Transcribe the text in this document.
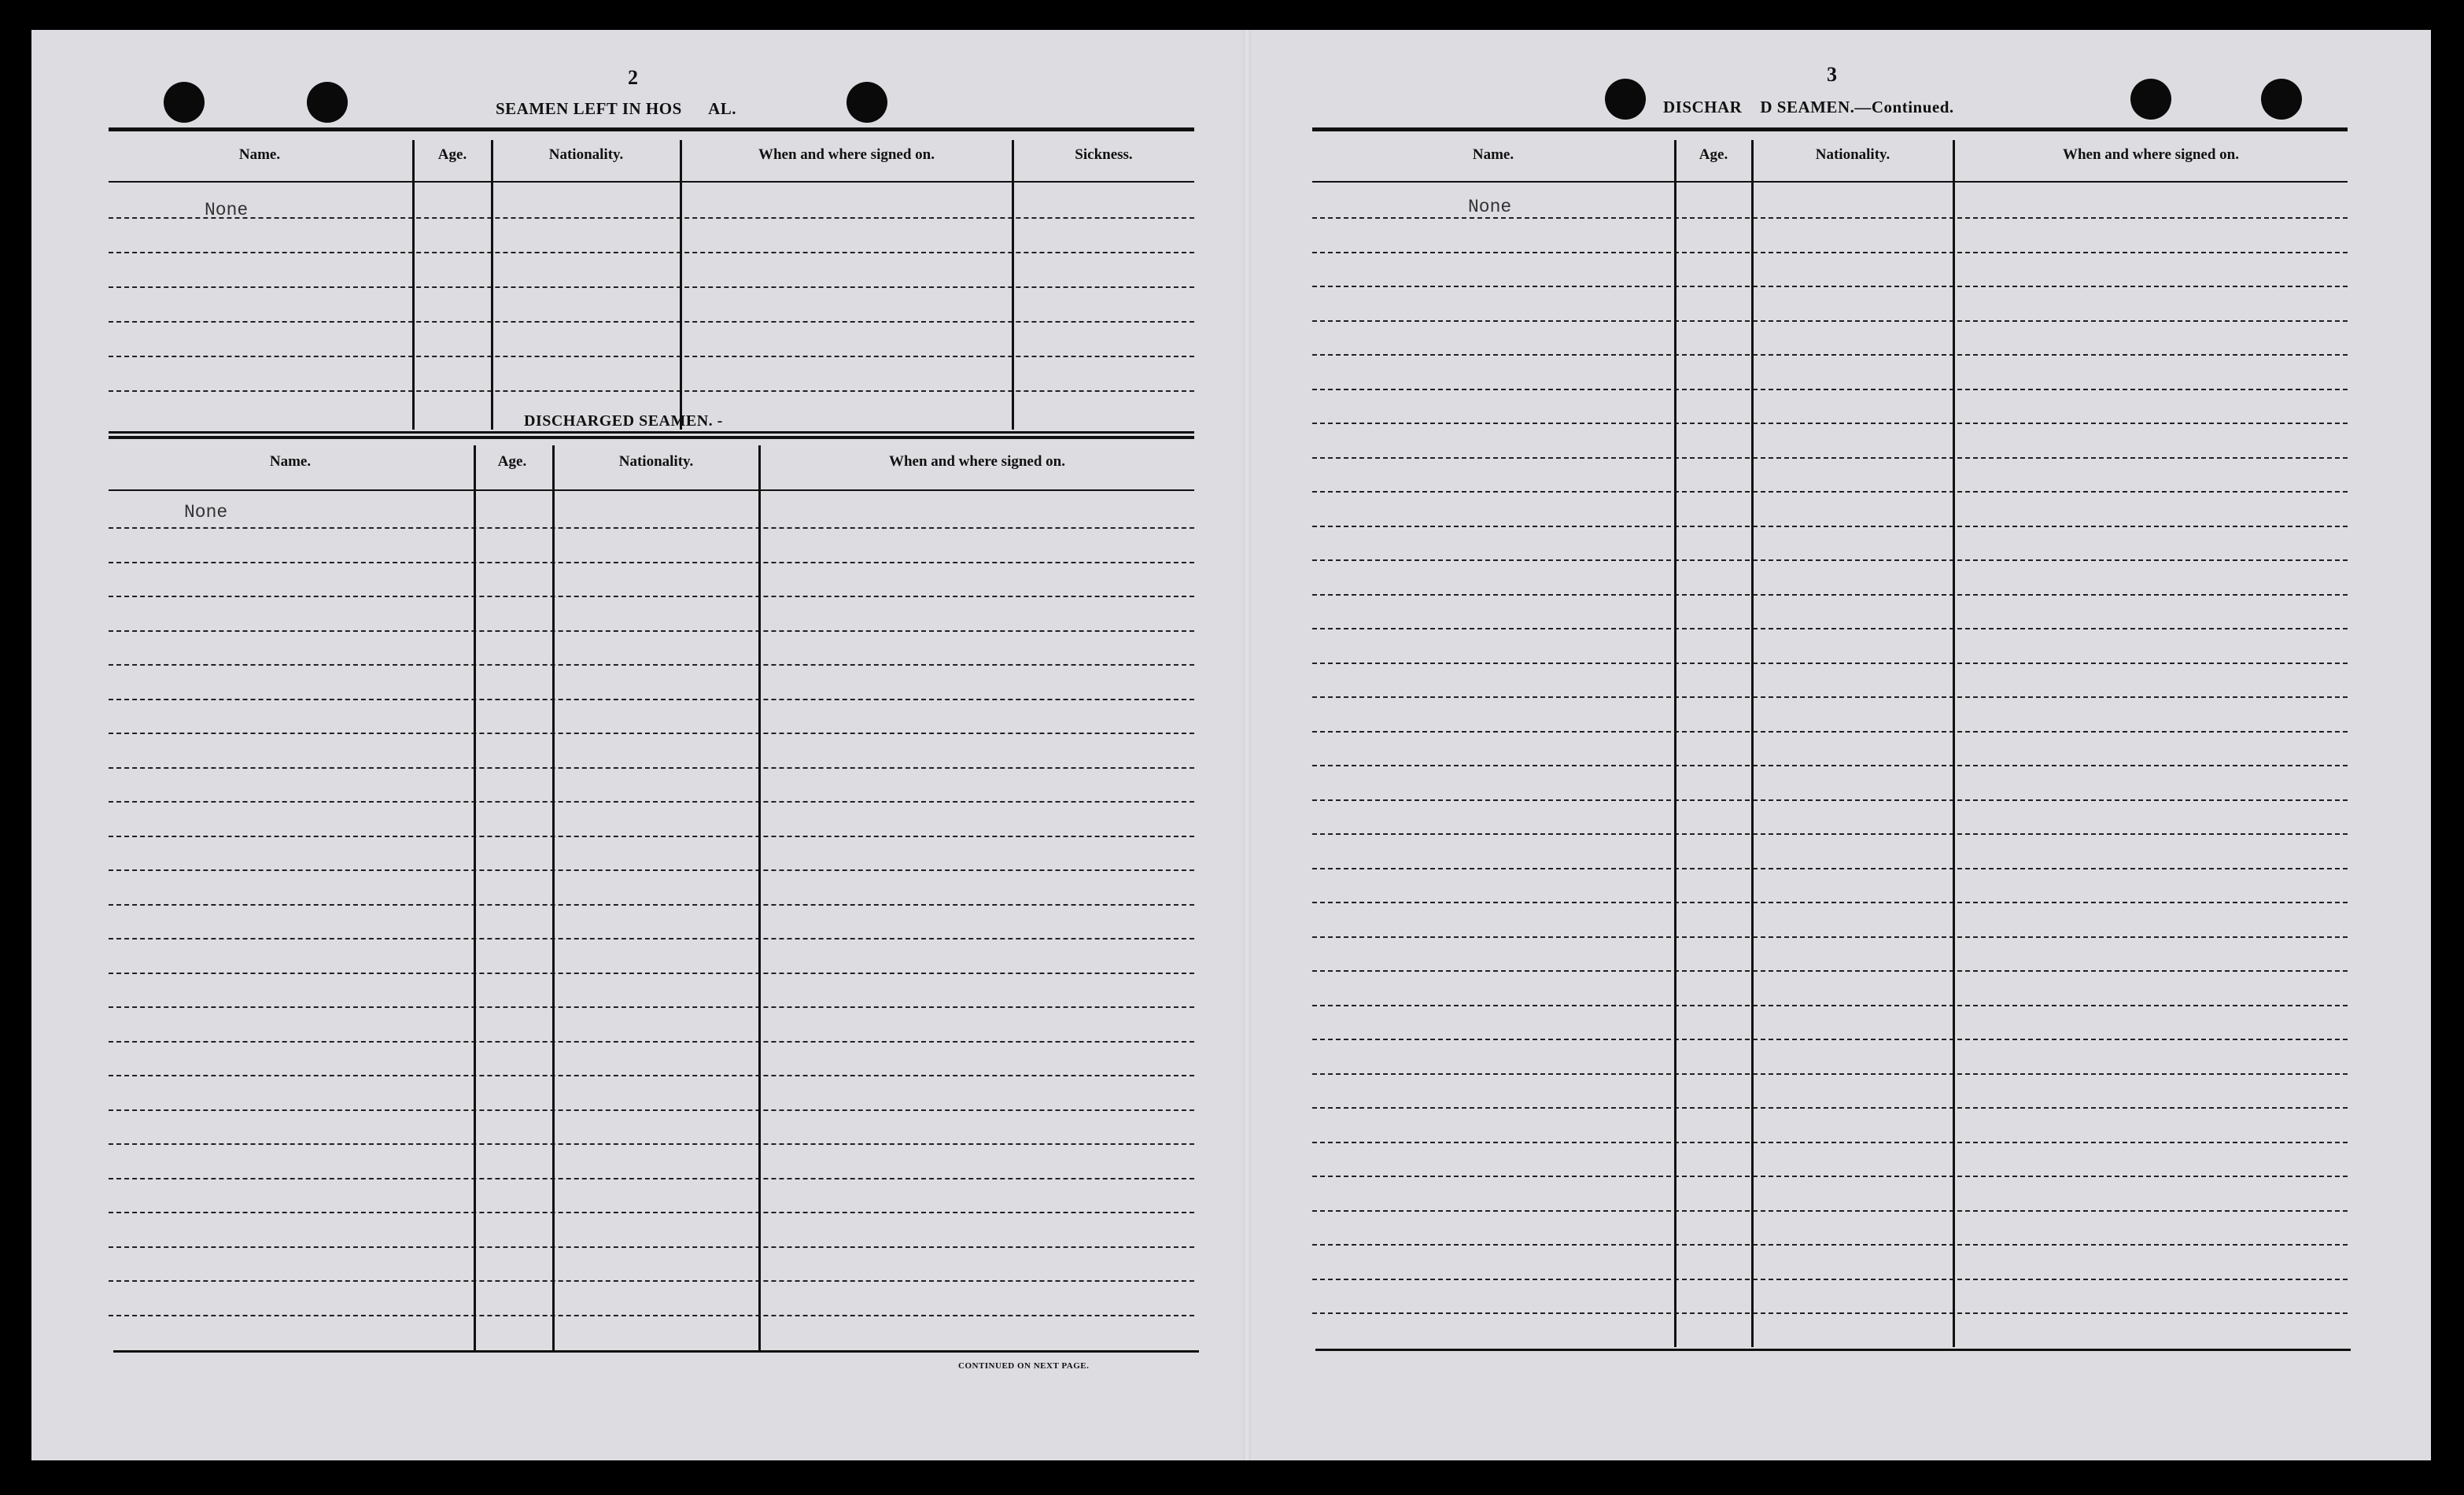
2
SEAMEN LEFT IN HOS      AL.
Name.	Age.	Nationality.	When and where signed on.	Sickness.
None
DISCHARGED SEAMEN. -
Name.	Age.	Nationality.	When and where signed on.
None
CONTINUED ON NEXT PAGE.
3
DISCHAR    D SEAMEN.—Continued.
Name.	Age.	Nationality.	When and where signed on.
None
